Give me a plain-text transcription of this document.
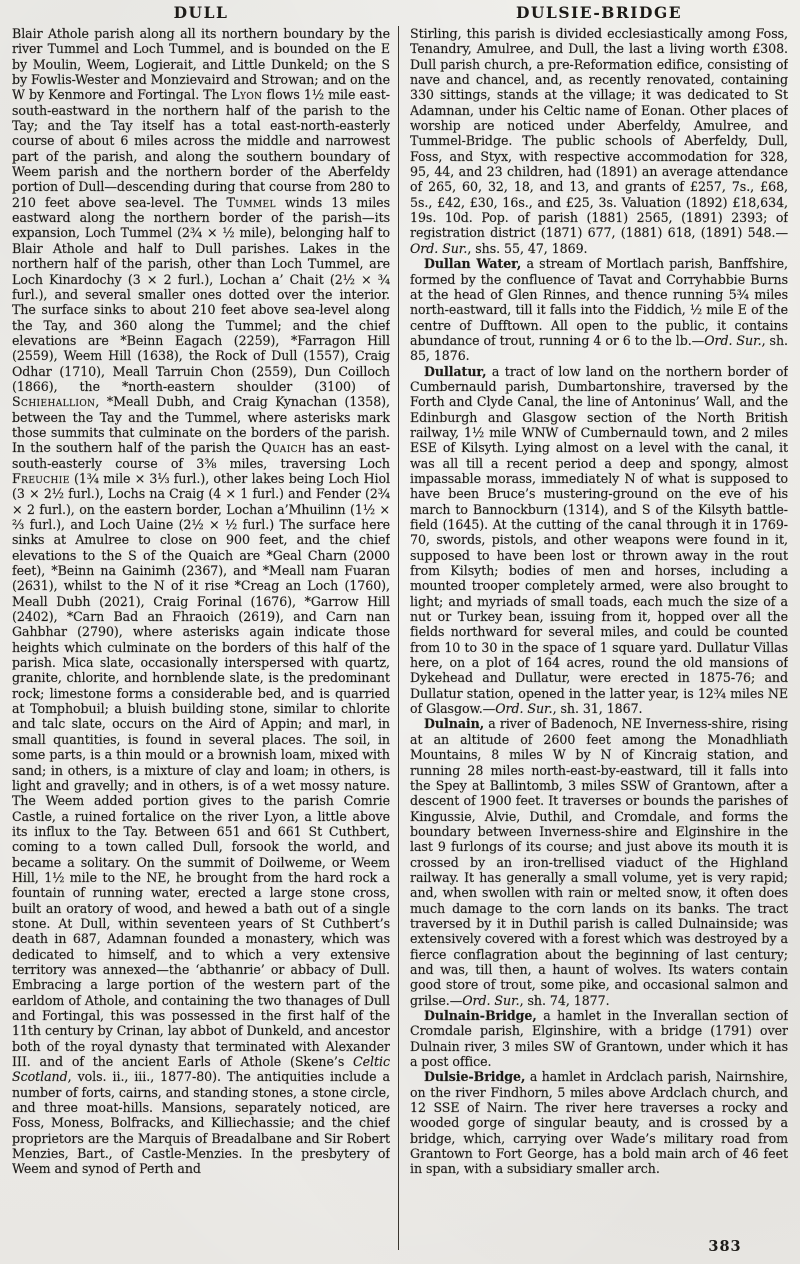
DULL	DULSIE-BRIDGE

Blair Athole parish along all its northern boundary by the river Tummel and Loch Tummel, and is bounded on the E by Moulin, Weem, Logierait, and Little Dunkeld; on the S by Fowlis-Wester and Monzievaird and Strowan; and on the W by Kenmore and Fortingal. The Lyon flows 1½ mile east-south-eastward in the northern half of the parish to the Tay; and the Tay itself has a total east-north-easterly course of about 6 miles across the middle and narrowest part of the parish, and along the southern boundary of Weem parish and the northern border of the Aberfeldy portion of Dull—descending during that course from 280 to 210 feet above sea-level. The Tummel winds 13 miles eastward along the northern border of the parish—its expansion, Loch Tummel (2¾ × ½ mile), belonging half to Blair Athole and half to Dull parishes. Lakes in the northern half of the parish, other than Loch Tummel, are Loch Kinardochy (3 × 2 furl.), Lochan a’ Chait (2½ × ¾ furl.), and several smaller ones dotted over the interior. The surface sinks to about 210 feet above sea-level along the Tay, and 360 along the Tummel; and the chief elevations are *Beinn Eagach (2259), *Farragon Hill (2559), Weem Hill (1638), the Rock of Dull (1557), Craig Odhar (1710), Meall Tarruin Chon (2559), Dun Coilloch (1866), the *north-eastern shoulder (3100) of Schiehallion, *Meall Dubh, and Craig Kynachan (1358), between the Tay and the Tummel, where asterisks mark those summits that culminate on the borders of the parish. In the southern half of the parish the Quaich has an east-south-easterly course of 3⅜ miles, traversing Loch Freuchie (1¾ mile × 3⅓ furl.), other lakes being Loch Hiol (3 × 2½ furl.), Lochs na Craig (4 × 1 furl.) and Fender (2¾ × 2 furl.), on the eastern border, Lochan a’Mhuilinn (1½ × ⅔ furl.), and Loch Uaine (2½ × ½ furl.) The surface here sinks at Amulree to close on 900 feet, and the chief elevations to the S of the Quaich are *Geal Charn (2000 feet), *Beinn na Gainimh (2367), and *Meall nam Fuaran (2631), whilst to the N of it rise *Creag an Loch (1760), Meall Dubh (2021), Craig Forinal (1676), *Garrow Hill (2402), *Carn Bad an Fhraoich (2619), and Carn nan Gahbhar (2790), where asterisks again indicate those heights which culminate on the borders of this half of the parish. Mica slate, occasionally interspersed with quartz, granite, chlorite, and hornblende slate, is the predominant rock; limestone forms a considerable bed, and is quarried at Tomphobuil; a bluish building stone, similar to chlorite and talc slate, occurs on the Aird of Appin; and marl, in small quantities, is found in several places. The soil, in some parts, is a thin mould or a brownish loam, mixed with sand; in others, is a mixture of clay and loam; in others, is light and gravelly; and in others, is of a wet mossy nature. The Weem added portion gives to the parish Comrie Castle, a ruined fortalice on the river Lyon, a little above its influx to the Tay. Between 651 and 661 St Cuthbert, coming to a town called Dull, forsook the world, and became a solitary. On the summit of Doilweme, or Weem Hill, 1½ mile to the NE, he brought from the hard rock a fountain of running water, erected a large stone cross, built an oratory of wood, and hewed a bath out of a single stone. At Dull, within seventeen years of St Cuthbert’s death in 687, Adamnan founded a monastery, which was dedicated to himself, and to which a very extensive territory was annexed—the ‘abthanrie’ or abbacy of Dull. Embracing a large portion of the western part of the earldom of Athole, and containing the two thanages of Dull and Fortingal, this was possessed in the first half of the 11th century by Crinan, lay abbot of Dunkeld, and ancestor both of the royal dynasty that terminated with Alexander III. and of the ancient Earls of Athole (Skene’s Celtic Scotland, vols. ii., iii., 1877-80). The antiquities include a number of forts, cairns, and standing stones, a stone circle, and three moat-hills. Mansions, separately noticed, are Foss, Moness, Bolfracks, and Killiechassie; and the chief proprietors are the Marquis of Breadalbane and Sir Robert Menzies, Bart., of Castle-Menzies. In the presbytery of Weem and synod of Perth and

Stirling, this parish is divided ecclesiastically among Foss, Tenandry, Amulree, and Dull, the last a living worth £308. Dull parish church, a pre-Reformation edifice, consisting of nave and chancel, and, as recently renovated, containing 330 sittings, stands at the village; it was dedicated to St Adamnan, under his Celtic name of Eonan. Other places of worship are noticed under Aberfeldy, Amulree, and Tummel-Bridge. The public schools of Aberfeldy, Dull, Foss, and Styx, with respective accommodation for 328, 95, 44, and 23 children, had (1891) an average attendance of 265, 60, 32, 18, and 13, and grants of £257, 7s., £68, 5s., £42, £30, 16s., and £25, 3s. Valuation (1892) £18,634, 19s. 10d. Pop. of parish (1881) 2565, (1891) 2393; of registration district (1871) 677, (1881) 618, (1891) 548.—Ord. Sur., shs. 55, 47, 1869.

Dullan Water, a stream of Mortlach parish, Banffshire, formed by the confluence of Tavat and Corryhabbie Burns at the head of Glen Rinnes, and thence running 5¾ miles north-eastward, till it falls into the Fiddich, ½ mile E of the centre of Dufftown. All open to the public, it contains abundance of trout, running 4 or 6 to the lb.—Ord. Sur., sh. 85, 1876.

Dullatur, a tract of low land on the northern border of Cumbernauld parish, Dumbartonshire, traversed by the Forth and Clyde Canal, the line of Antoninus’ Wall, and the Edinburgh and Glasgow section of the North British railway, 1½ mile WNW of Cumbernauld town, and 2 miles ESE of Kilsyth. Lying almost on a level with the canal, it was all till a recent period a deep and spongy, almost impassable morass, immediately N of what is supposed to have been Bruce’s mustering-ground on the eve of his march to Bannockburn (1314), and S of the Kilsyth battle-field (1645). At the cutting of the canal through it in 1769-70, swords, pistols, and other weapons were found in it, supposed to have been lost or thrown away in the rout from Kilsyth; bodies of men and horses, including a mounted trooper completely armed, were also brought to light; and myriads of small toads, each much the size of a nut or Turkey bean, issuing from it, hopped over all the fields northward for several miles, and could be counted from 10 to 30 in the space of 1 square yard. Dullatur Villas here, on a plot of 164 acres, round the old mansions of Dykehead and Dullatur, were erected in 1875-76; and Dullatur station, opened in the latter year, is 12¾ miles NE of Glasgow.—Ord. Sur., sh. 31, 1867.

Dulnain, a river of Badenoch, NE Inverness-shire, rising at an altitude of 2600 feet among the Monadhliath Mountains, 8 miles W by N of Kincraig station, and running 28 miles north-east-by-eastward, till it falls into the Spey at Ballintomb, 3 miles SSW of Grantown, after a descent of 1900 feet. It traverses or bounds the parishes of Kingussie, Alvie, Duthil, and Cromdale, and forms the boundary between Inverness-shire and Elginshire in the last 9 furlongs of its course; and just above its mouth it is crossed by an iron-trellised viaduct of the Highland railway. It has generally a small volume, yet is very rapid; and, when swollen with rain or melted snow, it often does much damage to the corn lands on its banks. The tract traversed by it in Duthil parish is called Dulnainside; was extensively covered with a forest which was destroyed by a fierce conflagration about the beginning of last century; and was, till then, a haunt of wolves. Its waters contain good store of trout, some pike, and occasional salmon and grilse.—Ord. Sur., sh. 74, 1877.

Dulnain-Bridge, a hamlet in the Inverallan section of Cromdale parish, Elginshire, with a bridge (1791) over Dulnain river, 3 miles SW of Grantown, under which it has a post office.

Dulsie-Bridge, a hamlet in Ardclach parish, Nairnshire, on the river Findhorn, 5 miles above Ardclach church, and 12 SSE of Nairn. The river here traverses a rocky and wooded gorge of singular beauty, and is crossed by a bridge, which, carrying over Wade’s military road from Grantown to Fort George, has a bold main arch of 46 feet in span, with a subsidiary smaller arch.

383
